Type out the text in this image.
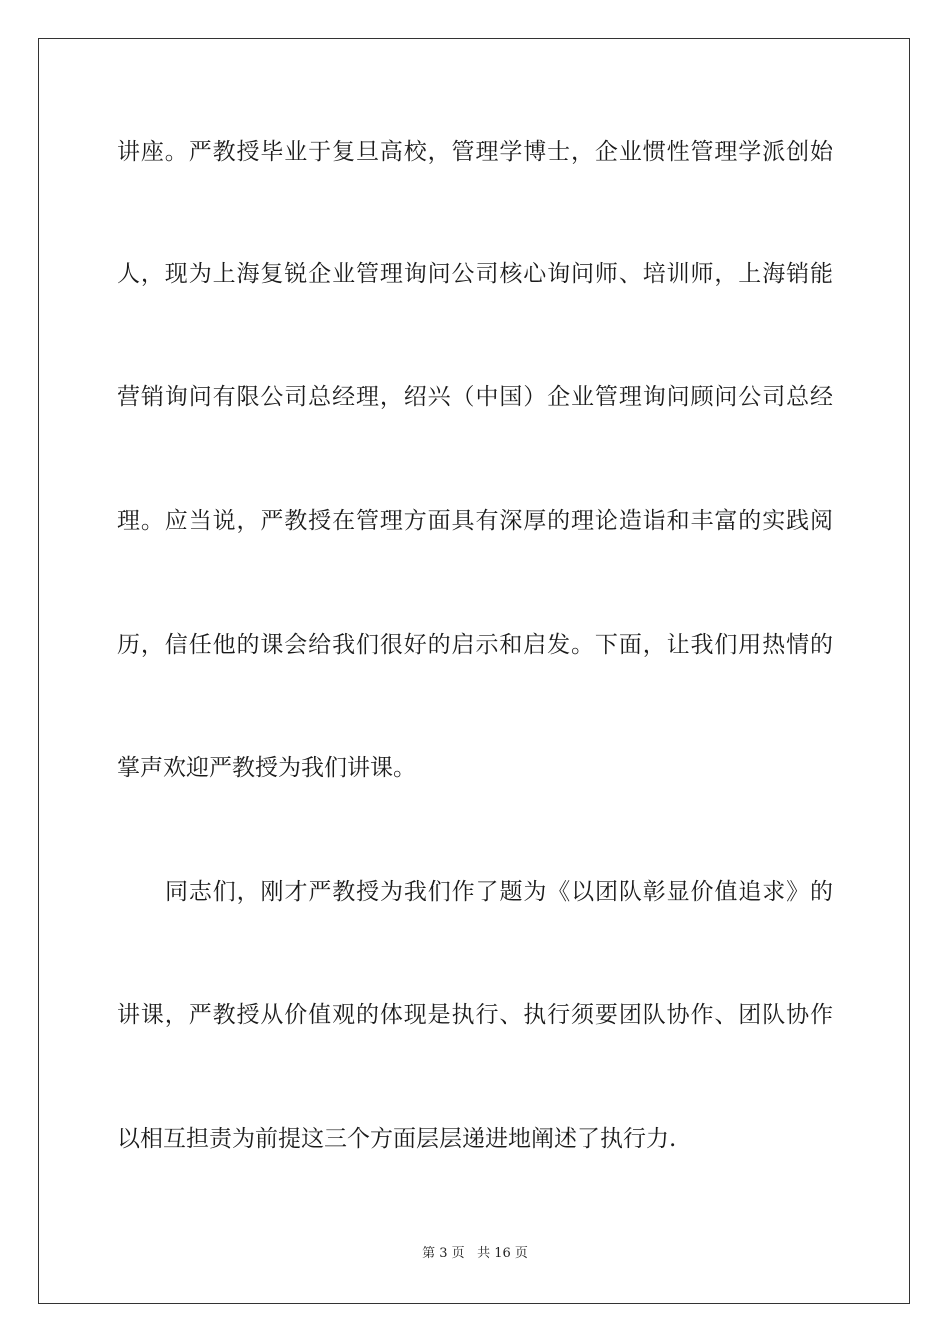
讲座。严教授毕业于复旦高校，管理学博士，企业惯性管理学派创始
人，现为上海复锐企业管理询问公司核心询问师、培训师，上海销能
营销询问有限公司总经理，绍兴（中国）企业管理询问顾问公司总经
理。应当说，严教授在管理方面具有深厚的理论造诣和丰富的实践阅
历，信任他的课会给我们很好的启示和启发。下面，让我们用热情的
掌声欢迎严教授为我们讲课。
同志们，刚才严教授为我们作了题为《以团队彰显价值追求》的
讲课，严教授从价值观的体现是执行、执行须要团队协作、团队协作
以相互担责为前提这三个方面层层递进地阐述了执行力.
第 3 页 共 16 页
